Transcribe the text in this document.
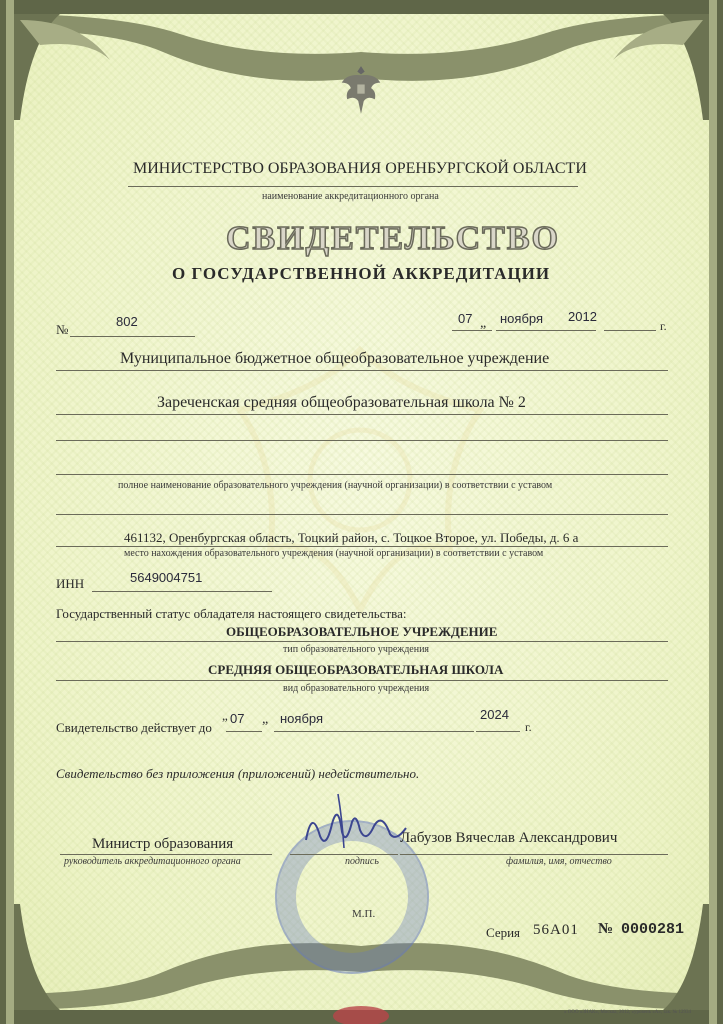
МИНИСТЕРСТВО ОБРАЗОВАНИЯ ОРЕНБУРГСКОЙ ОБЛАСТИ
наименование аккредитационного органа
СВИДЕТЕЛЬСТВО
О ГОСУДАРСТВЕННОЙ АККРЕДИТАЦИИ
№
802	07 „ ноября 2012
г.
Муниципальное бюджетное общеобразовательное учреждение
Зареченская средняя общеобразовательная школа № 2
полное наименование образовательного учреждения (научной организации) в соответствии с уставом
461132, Оренбургская область, Тоцкий район, с. Тоцкое Второе, ул. Победы, д. 6 а
место нахождения образовательного учреждения (научной организации) в соответствии с уставом
ИНН	5649004751
Государственный статус обладателя настоящего свидетельства:
ОБЩЕОБРАЗОВАТЕЛЬНОЕ УЧРЕЖДЕНИЕ
тип образовательного учреждения
СРЕДНЯЯ ОБЩЕОБРАЗОВАТЕЛЬНАЯ ШКОЛА
вид образовательного учреждения
Свидетельство действует до
„ 07 „ ноября	2024
г.
Свидетельство без приложения (приложений) недействительно.
Министр образования
руководитель аккредитационного органа	подпись
Лабузов Вячеслав Александрович
фамилия, имя, отчество
М.П.
Серия 56А01 № 0000281
« ООО «ЗНАК», Москва, 2012, «уровень «А», зак. № 12934
